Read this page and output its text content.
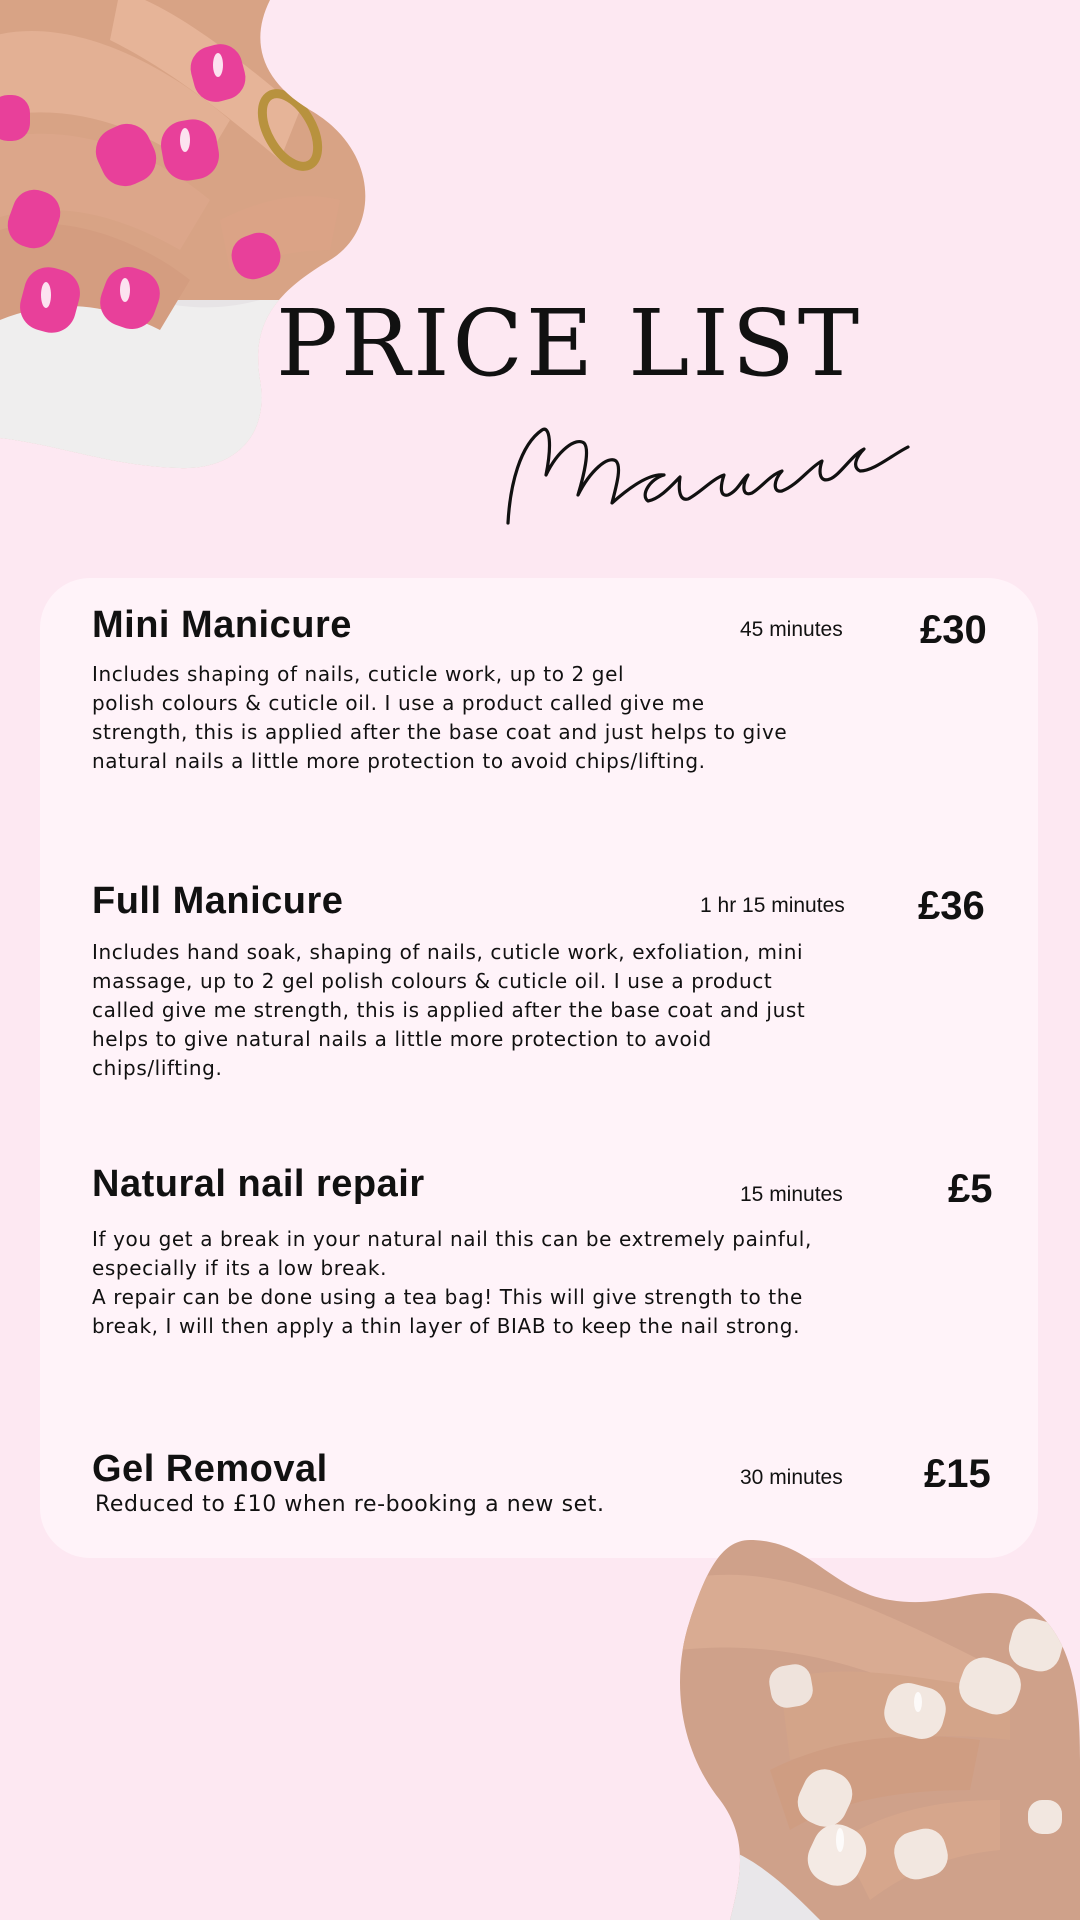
PRICE LIST
Mini Manicure	45 minutes £30

Includes shaping of nails, cuticle work, up to 2 gel
polish colours & cuticle oil. I use a product called give me
strength, this is applied after the base coat and just helps to give
natural nails a little more protection to avoid chips/lifting.

Full Manicure	1 hr 15 minutes £36

Includes hand soak, shaping of nails, cuticle work, exfoliation, mini
massage, up to 2 gel polish colours & cuticle oil. I use a product
called give me strength, this is applied after the base coat and just
helps to give natural nails a little more protection to avoid
chips/lifting.

Natural nail repair	15 minutes	£5

If you get a break in your natural nail this can be extremely painful,
especially if its a low break.
A repair can be done using a tea bag! This will give strength to the
break, I will then apply a thin layer of BIAB to keep the nail strong.

Gel Removal	30 minutes £15

Reduced to £10 when re-booking a new set.
